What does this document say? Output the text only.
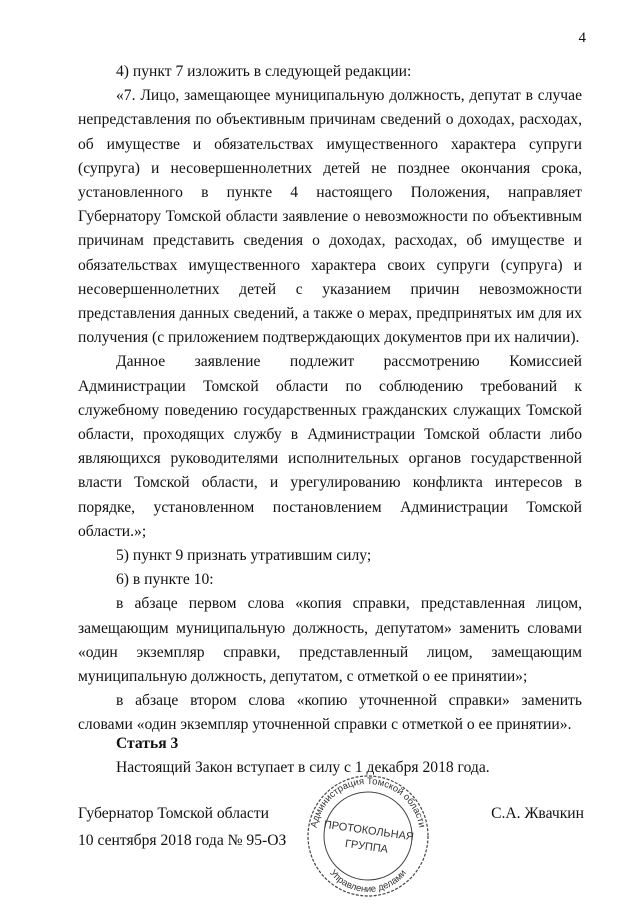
4

4) пункт 7 изложить в следующей редакции:

«7. Лицо, замещающее муниципальную должность, депутат в случае непредставления по объективным причинам сведений о доходах, расходах, об имуществе и обязательствах имущественного характера супруги (супруга) и несовершеннолетних детей не позднее окончания срока, установленного в пункте 4 настоящего Положения, направляет Губернатору Томской области заявление о невозможности по объективным причинам представить сведения о доходах, расходах, об имуществе и обязательствах имущественного характера своих супруги (супруга) и несовершеннолетних детей с указанием причин невозможности представления данных сведений, а также о мерах, предпринятых им для их получения (с приложением подтверждающих документов при их наличии).

Данное заявление подлежит рассмотрению Комиссией Администрации Томской области по соблюдению требований к служебному поведению государственных гражданских служащих Томской области, проходящих службу в Администрации Томской области либо являющихся руководителями исполнительных органов государственной власти Томской области, и урегулированию конфликта интересов в порядке, установленном постановлением Администрации Томской области.»;

5) пункт 9 признать утратившим силу;

6) в пункте 10:

в абзаце первом слова «копия справки, представленная лицом, замещающим муниципальную должность, депутатом» заменить словами «один экземпляр справки, представленный лицом, замещающим муниципальную должность, депутатом, с отметкой о ее принятии»;

в абзаце втором слова «копию уточненной справки» заменить словами «один экземпляр уточненной справки с отметкой о ее принятии».

Статья 3

Настоящий Закон вступает в силу с 1 декабря 2018 года.

Губернатор Томской области
10 сентября 2018 года № 95-ОЗ
С.А. Жвачкин
Администрация Томской области
Управление делами
ПРОТОКОЛЬНАЯ
ГРУППА
